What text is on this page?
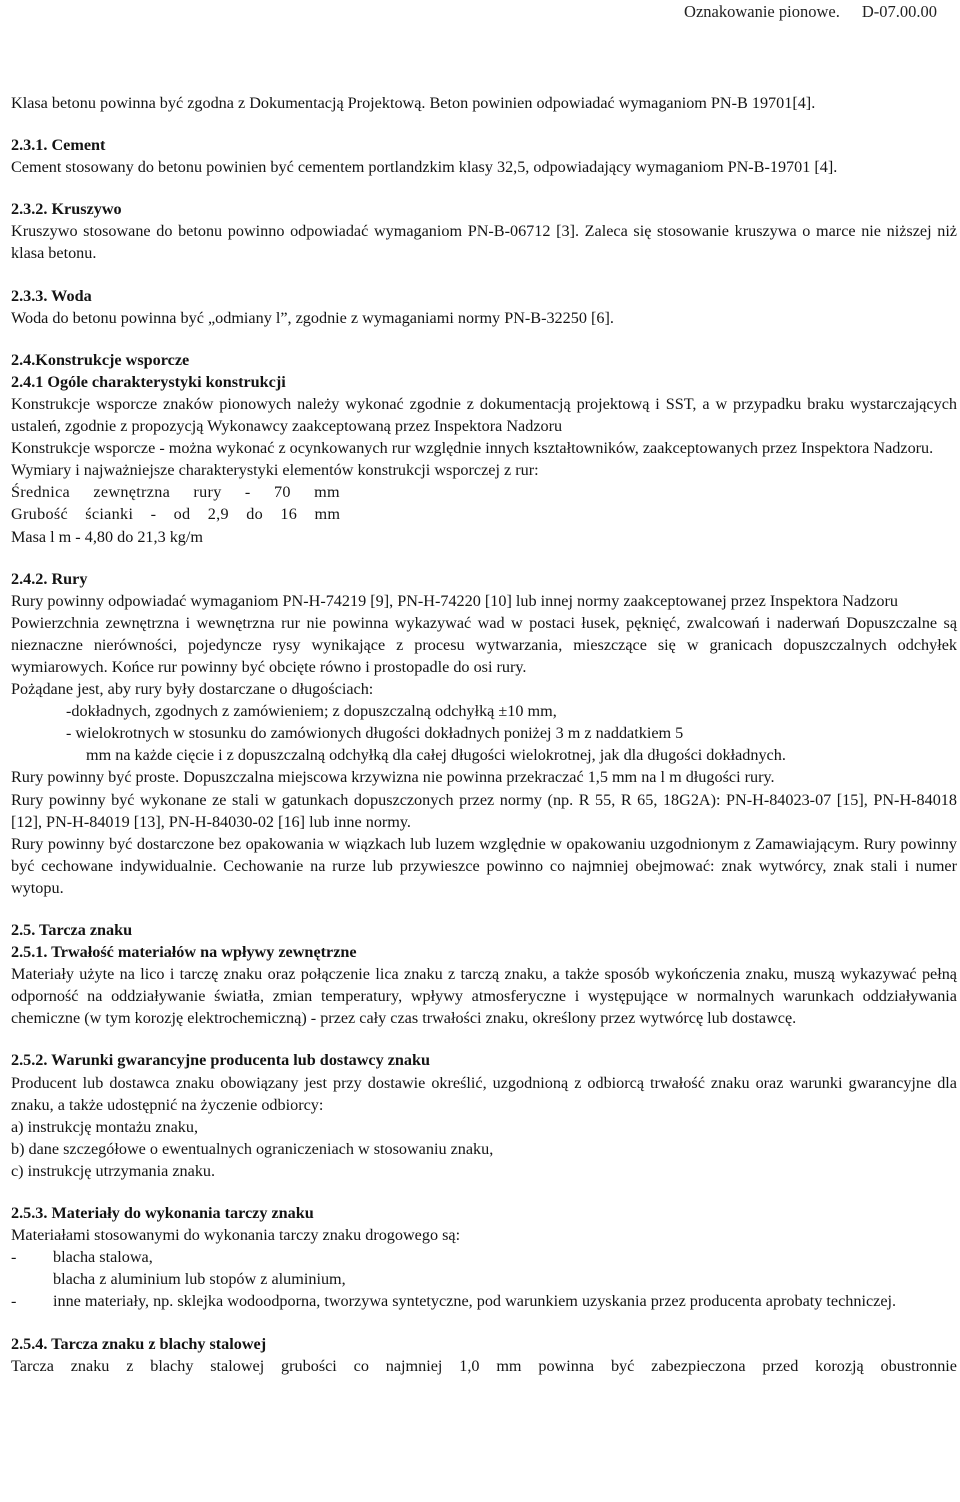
Oznakowanie pionowe. D-07.00.00

Klasa betonu powinna być zgodna z Dokumentacją Projektową. Beton powinien odpowiadać wymaganiom PN-B 19701[4].

2.3.1. Cement

Cement stosowany do betonu powinien być cementem portlandzkim klasy 32,5, odpowiadający wymaganiom PN-B-19701 [4].

2.3.2. Kruszywo

Kruszywo stosowane do betonu powinno odpowiadać wymaganiom PN-B-06712 [3]. Zaleca się stosowanie kruszywa o marce nie niższej niż klasa betonu.

2.3.3. Woda

Woda do betonu powinna być „odmiany l”, zgodnie z wymaganiami normy PN-B-32250 [6].

2.4.Konstrukcje wsporcze

2.4.1 Ogóle charakterystyki konstrukcji

Konstrukcje wsporcze znaków pionowych należy wykonać zgodnie z dokumentacją projektową i SST, a w przypadku braku wystarczających ustaleń, zgodnie z propozycją Wykonawcy zaakceptowaną przez Inspektora Nadzoru

Konstrukcje wsporcze - można wykonać z ocynkowanych rur względnie innych kształtowników, zaakceptowanych przez Inspektora Nadzoru.

Wymiary i najważniejsze charakterystyki elementów konstrukcji wsporczej z rur:

Średnica zewnętrzna rury - 70 mm

Grubość ścianki - od 2,9 do 16 mm

Masa l m - 4,80 do 21,3 kg/m

2.4.2. Rury

Rury powinny odpowiadać wymaganiom PN-H-74219 [9], PN-H-74220 [10] lub innej normy zaakceptowanej przez Inspektora Nadzoru

Powierzchnia zewnętrzna i wewnętrzna rur nie powinna wykazywać wad w postaci łusek, pęknięć, zwalcowań i naderwań Dopuszczalne są nieznaczne nierówności, pojedyncze rysy wynikające z procesu wytwarzania, mieszczące się w granicach dopuszczalnych odchyłek wymiarowych. Końce rur powinny być obcięte równo i prostopadle do osi rury.

Pożądane jest, aby rury były dostarczane o długościach:

-dokładnych, zgodnych z zamówieniem; z dopuszczalną odchyłką ±10 mm,

- wielokrotnych w stosunku do zamówionych długości dokładnych poniżej 3 m z naddatkiem 5

mm na każde cięcie i z dopuszczalną odchyłką dla całej długości wielokrotnej, jak dla długości dokładnych.

Rury powinny być proste. Dopuszczalna miejscowa krzywizna nie powinna przekraczać 1,5 mm na l m długości rury.

Rury powinny być wykonane ze stali w gatunkach dopuszczonych przez normy (np. R 55, R 65, 18G2A): PN-H-84023-07 [15], PN-H-84018 [12], PN-H-84019 [13], PN-H-84030-02 [16] lub inne normy.

Rury powinny być dostarczone bez opakowania w wiązkach lub luzem względnie w opakowaniu uzgodnionym z Zamawiającym. Rury powinny być cechowane indywidualnie. Cechowanie na rurze lub przywieszce powinno co najmniej obejmować: znak wytwórcy, znak stali i numer wytopu.

2.5. Tarcza znaku

2.5.1. Trwałość materiałów na wpływy zewnętrzne

Materiały użyte na lico i tarczę znaku oraz połączenie lica znaku z tarczą znaku, a także sposób wykończenia znaku, muszą wykazywać pełną odporność na oddziaływanie światła, zmian temperatury, wpływy atmosferyczne i występujące w normalnych warunkach oddziaływania chemiczne (w tym korozję elektrochemiczną) - przez cały czas trwałości znaku, określony przez wytwórcę lub dostawcę.

2.5.2. Warunki gwarancyjne producenta lub dostawcy znaku

Producent lub dostawca znaku obowiązany jest przy dostawie określić, uzgodnioną z odbiorcą trwałość znaku oraz warunki gwarancyjne dla znaku, a także udostępnić na życzenie odbiorcy:

a) instrukcję montażu znaku,

b) dane szczegółowe o ewentualnych ograniczeniach w stosowaniu znaku,

c) instrukcję utrzymania znaku.

2.5.3. Materiały do wykonania tarczy znaku

Materiałami stosowanymi do wykonania tarczy znaku drogowego są:

-	blacha stalowa,
blacha z aluminium lub stopów z aluminium,
-	inne materiały, np. sklejka wodoodporna, tworzywa syntetyczne, pod warunkiem uzyskania przez producenta aprobaty techniczej.

2.5.4. Tarcza znaku z blachy stalowej

Tarcza znaku z blachy stalowej grubości co najmniej 1,0 mm powinna być zabezpieczona przed korozją obustronnie
